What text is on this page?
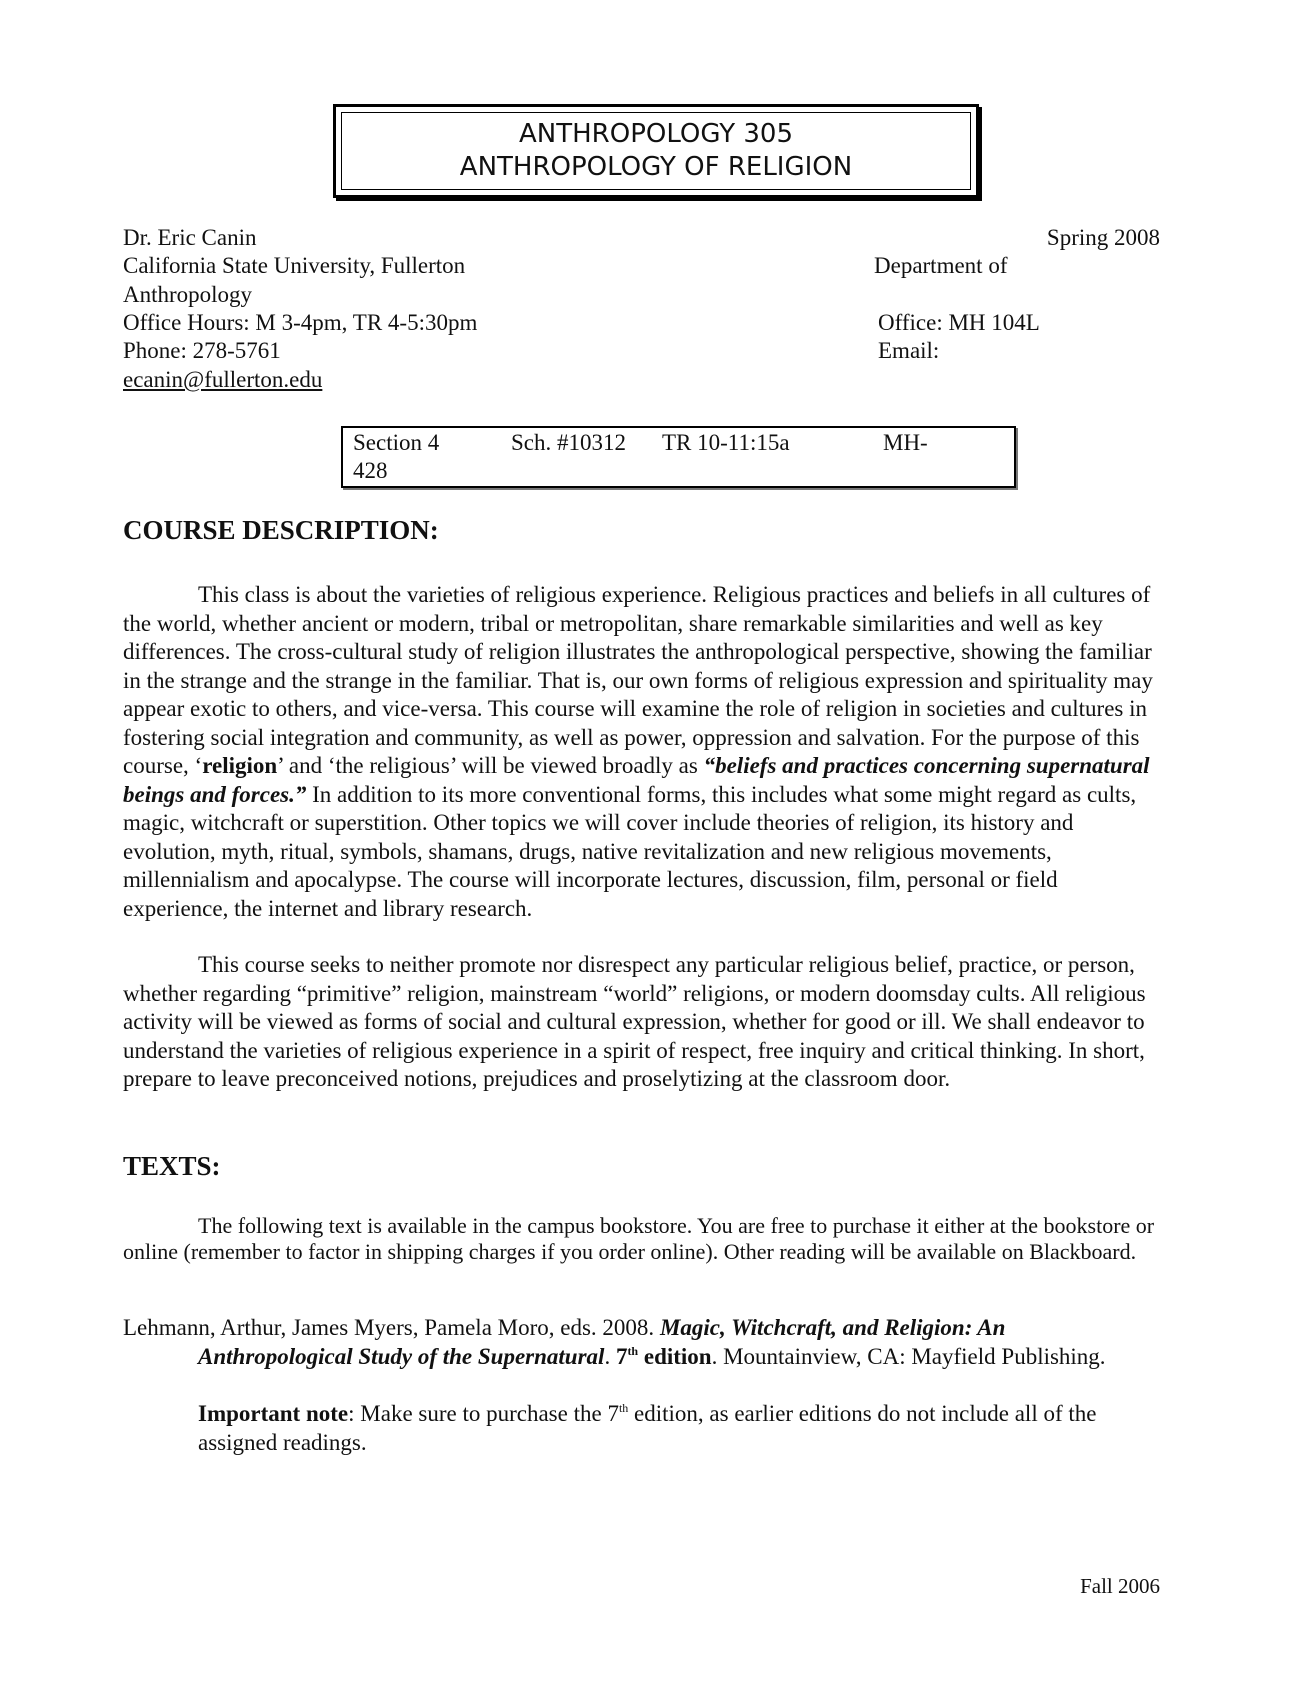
ANTHROPOLOGY 305
ANTHROPOLOGY OF RELIGION
Dr. Eric Canin	Spring 2008
California State University, Fullerton	Department of
Anthropology
Office Hours: M 3-4pm, TR 4-5:30pm	Office: MH 104L
Phone: 278-5761	Email:
ecanin@fullerton.edu
Section 4	Sch. #10312 TR 10-11:15a	MH-
428
COURSE DESCRIPTION:

This class is about the varieties of religious experience. Religious practices and beliefs in all cultures of the world, whether ancient or modern, tribal or metropolitan, share remarkable similarities and well as key differences. The cross-cultural study of religion illustrates the anthropological perspective, showing the familiar in the strange and the strange in the familiar. That is, our own forms of religious expression and spirituality may appear exotic to others, and vice-versa. This course will examine the role of religion in societies and cultures in fostering social integration and community, as well as power, oppression and salvation. For the purpose of this course, ‘religion’ and ‘the religious’ will be viewed broadly as “beliefs and practices concerning supernatural beings and forces.” In addition to its more conventional forms, this includes what some might regard as cults, magic, witchcraft or superstition. Other topics we will cover include theories of religion, its history and evolution, myth, ritual, symbols, shamans, drugs, native revitalization and new religious movements, millennialism and apocalypse. The course will incorporate lectures, discussion, film, personal or field experience, the internet and library research.

This course seeks to neither promote nor disrespect any particular religious belief, practice, or person, whether regarding “primitive” religion, mainstream “world” religions, or modern doomsday cults. All religious activity will be viewed as forms of social and cultural expression, whether for good or ill. We shall endeavor to understand the varieties of religious experience in a spirit of respect, free inquiry and critical thinking. In short, prepare to leave preconceived notions, prejudices and proselytizing at the classroom door.

TEXTS:

The following text is available in the campus bookstore. You are free to purchase it either at the bookstore or online (remember to factor in shipping charges if you order online). Other reading will be available on Blackboard.

Lehmann, Arthur, James Myers, Pamela Moro, eds. 2008. Magic, Witchcraft, and Religion: An Anthropological Study of the Supernatural. 7th edition. Mountainview, CA: Mayfield Publishing.

Important note: Make sure to purchase the 7th edition, as earlier editions do not include all of the assigned readings.

Fall 2006
